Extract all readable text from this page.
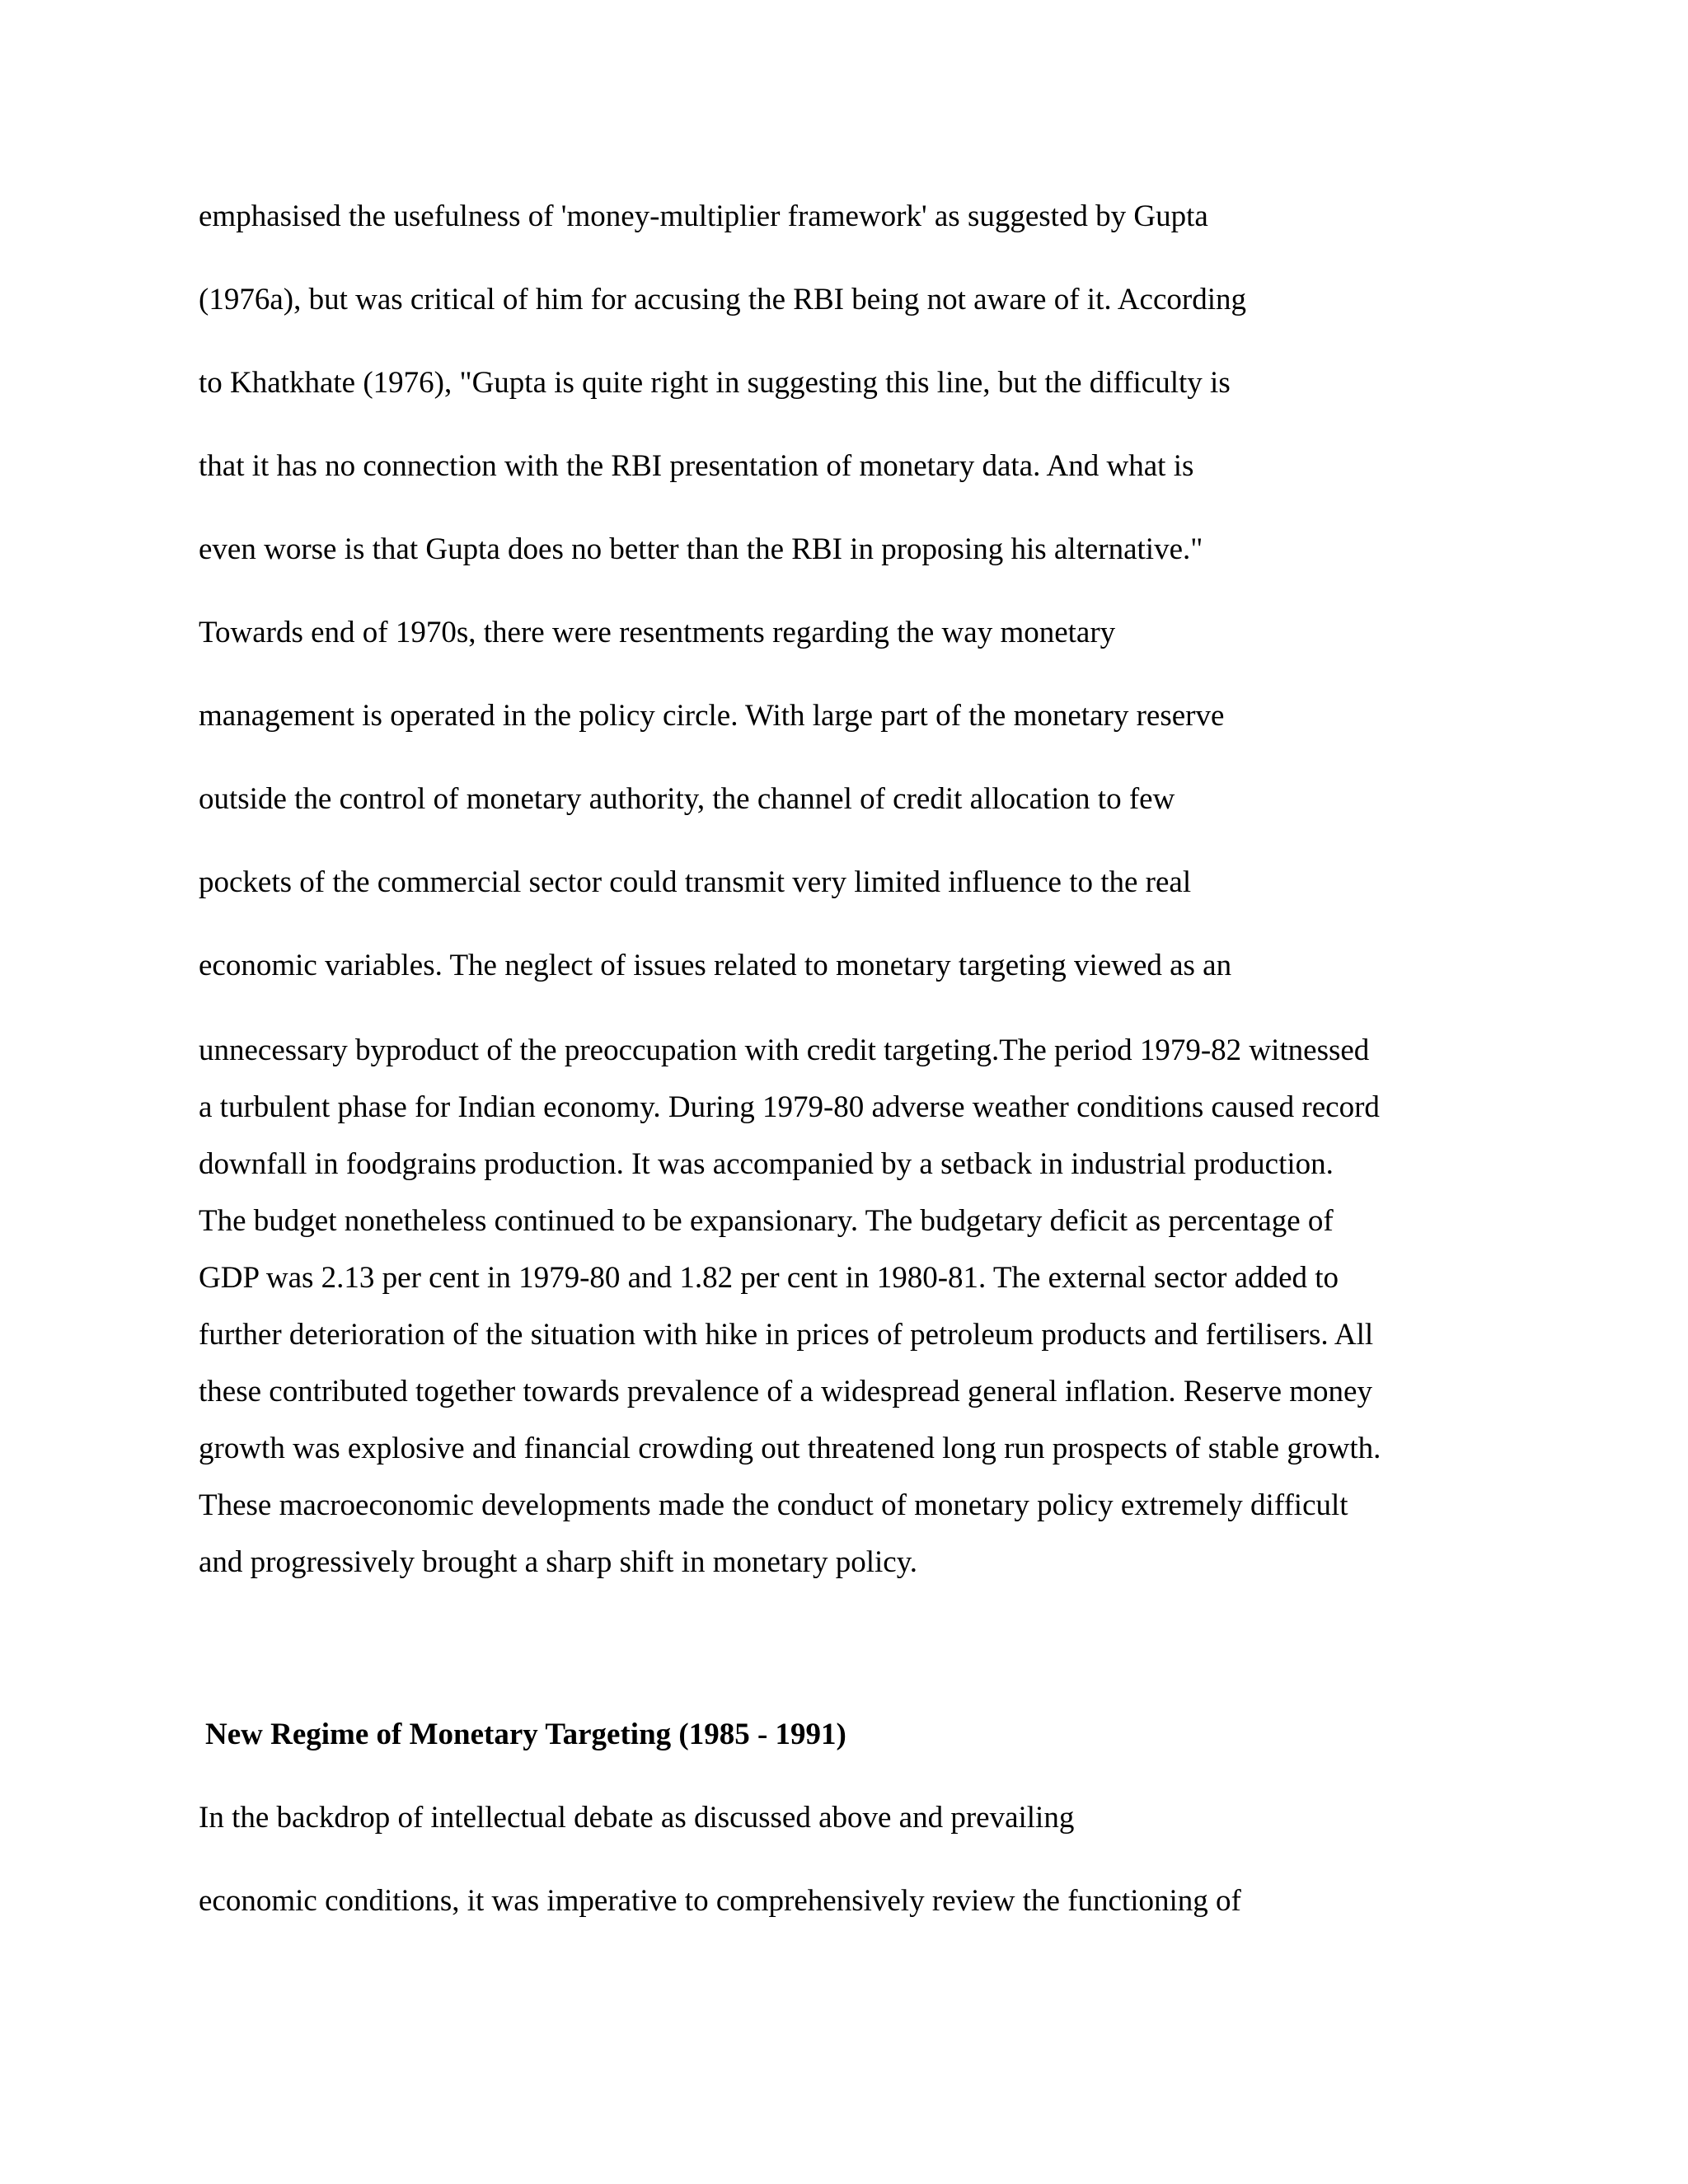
emphasised the usefulness of 'money-multiplier framework' as suggested by Gupta

(1976a), but was critical of him for accusing the RBI being not aware of it. According

to Khatkhate (1976), "Gupta is quite right in suggesting this line, but the difficulty is

that it has no connection with the RBI presentation of monetary data. And what is

even worse is that Gupta does no better than the RBI in proposing his alternative."

Towards end of 1970s, there were resentments regarding the way monetary

management is operated in the policy circle. With large part of the monetary reserve

outside the control of monetary authority, the channel of credit allocation to few

pockets of the commercial sector could transmit very limited influence to the real

economic variables. The neglect of issues related to monetary targeting viewed as an

unnecessary byproduct of the preoccupation with credit targeting.The period 1979-82 witnessed

a turbulent phase for Indian economy. During 1979-80 adverse weather conditions caused record

downfall in foodgrains production. It was accompanied by a setback in industrial production.

The budget nonetheless continued to be expansionary. The budgetary deficit as percentage of

GDP was 2.13 per cent in 1979-80 and 1.82 per cent in 1980-81. The external sector added to

further deterioration of the situation with hike in prices of petroleum products and fertilisers. All

these contributed together towards prevalence of a widespread general inflation. Reserve money

growth was explosive and financial crowding out threatened long run prospects of stable growth.

These macroeconomic developments made the conduct of monetary policy extremely difficult

and progressively brought a sharp shift in monetary policy.

New Regime of Monetary Targeting (1985 - 1991)

In the backdrop of intellectual debate as discussed above and prevailing

economic conditions, it was imperative to comprehensively review the functioning of
